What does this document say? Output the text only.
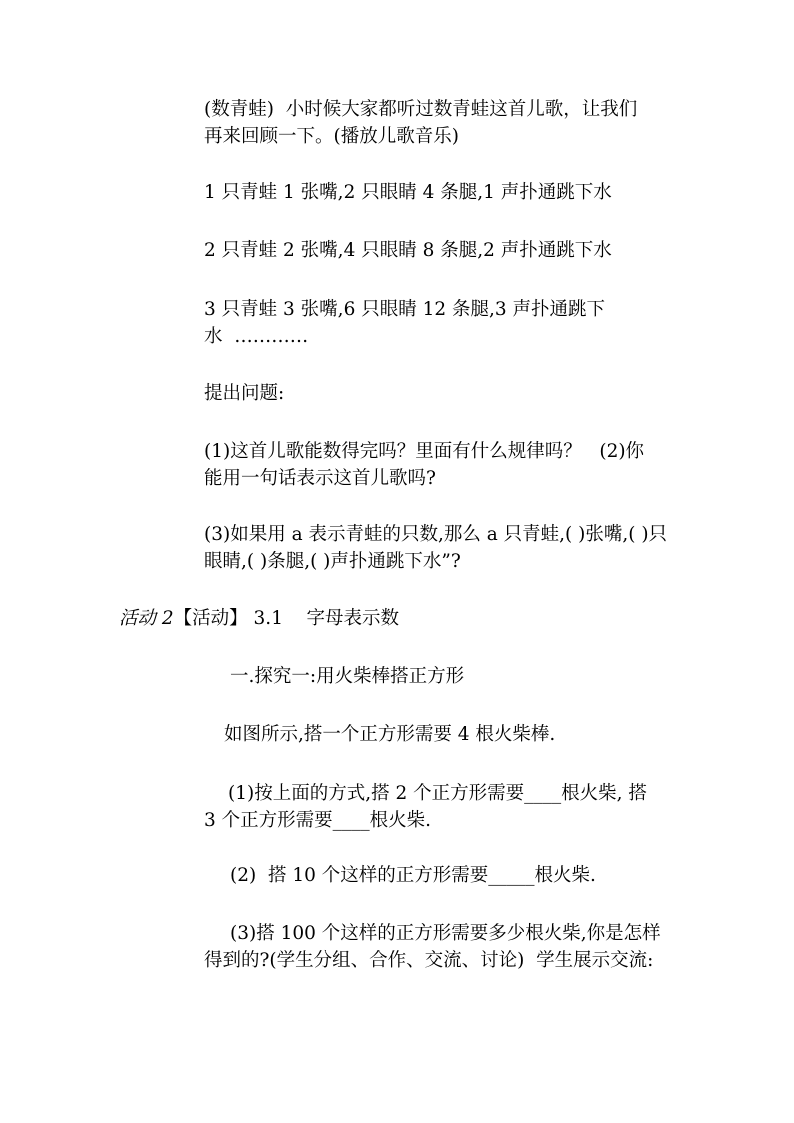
(数青蛙)  小时候大家都听过数青蛙这首儿歌，让我们
再来回顾一下。(播放儿歌音乐)
1 只青蛙 1 张嘴,2 只眼睛 4 条腿,1 声扑通跳下水
2 只青蛙 2 张嘴,4 只眼睛 8 条腿,2 声扑通跳下水
3 只青蛙 3 张嘴,6 只眼睛 12 条腿,3 声扑通跳下
水  …………
提出问题:
(1)这首儿歌能数得完吗？里面有什么规律吗？   (2)你
能用一句话表示这首儿歌吗?
(3)如果用 a 表示青蛙的只数,那么 a 只青蛙,( )张嘴,( )只
眼睛,( )条腿,( )声扑通跳下水”?
活动 2【活动】 3.1    字母表示数
一.探究一:用火柴棒搭正方形
如图所示,搭一个正方形需要 4 根火柴棒.
(1)按上面的方式,搭 2 个正方形需要____根火柴, 搭
3 个正方形需要____根火柴.
(2)  搭 10 个这样的正方形需要_____根火柴.
(3)搭 100 个这样的正方形需要多少根火柴,你是怎样
得到的?(学生分组、合作、交流、讨论)  学生展示交流:
